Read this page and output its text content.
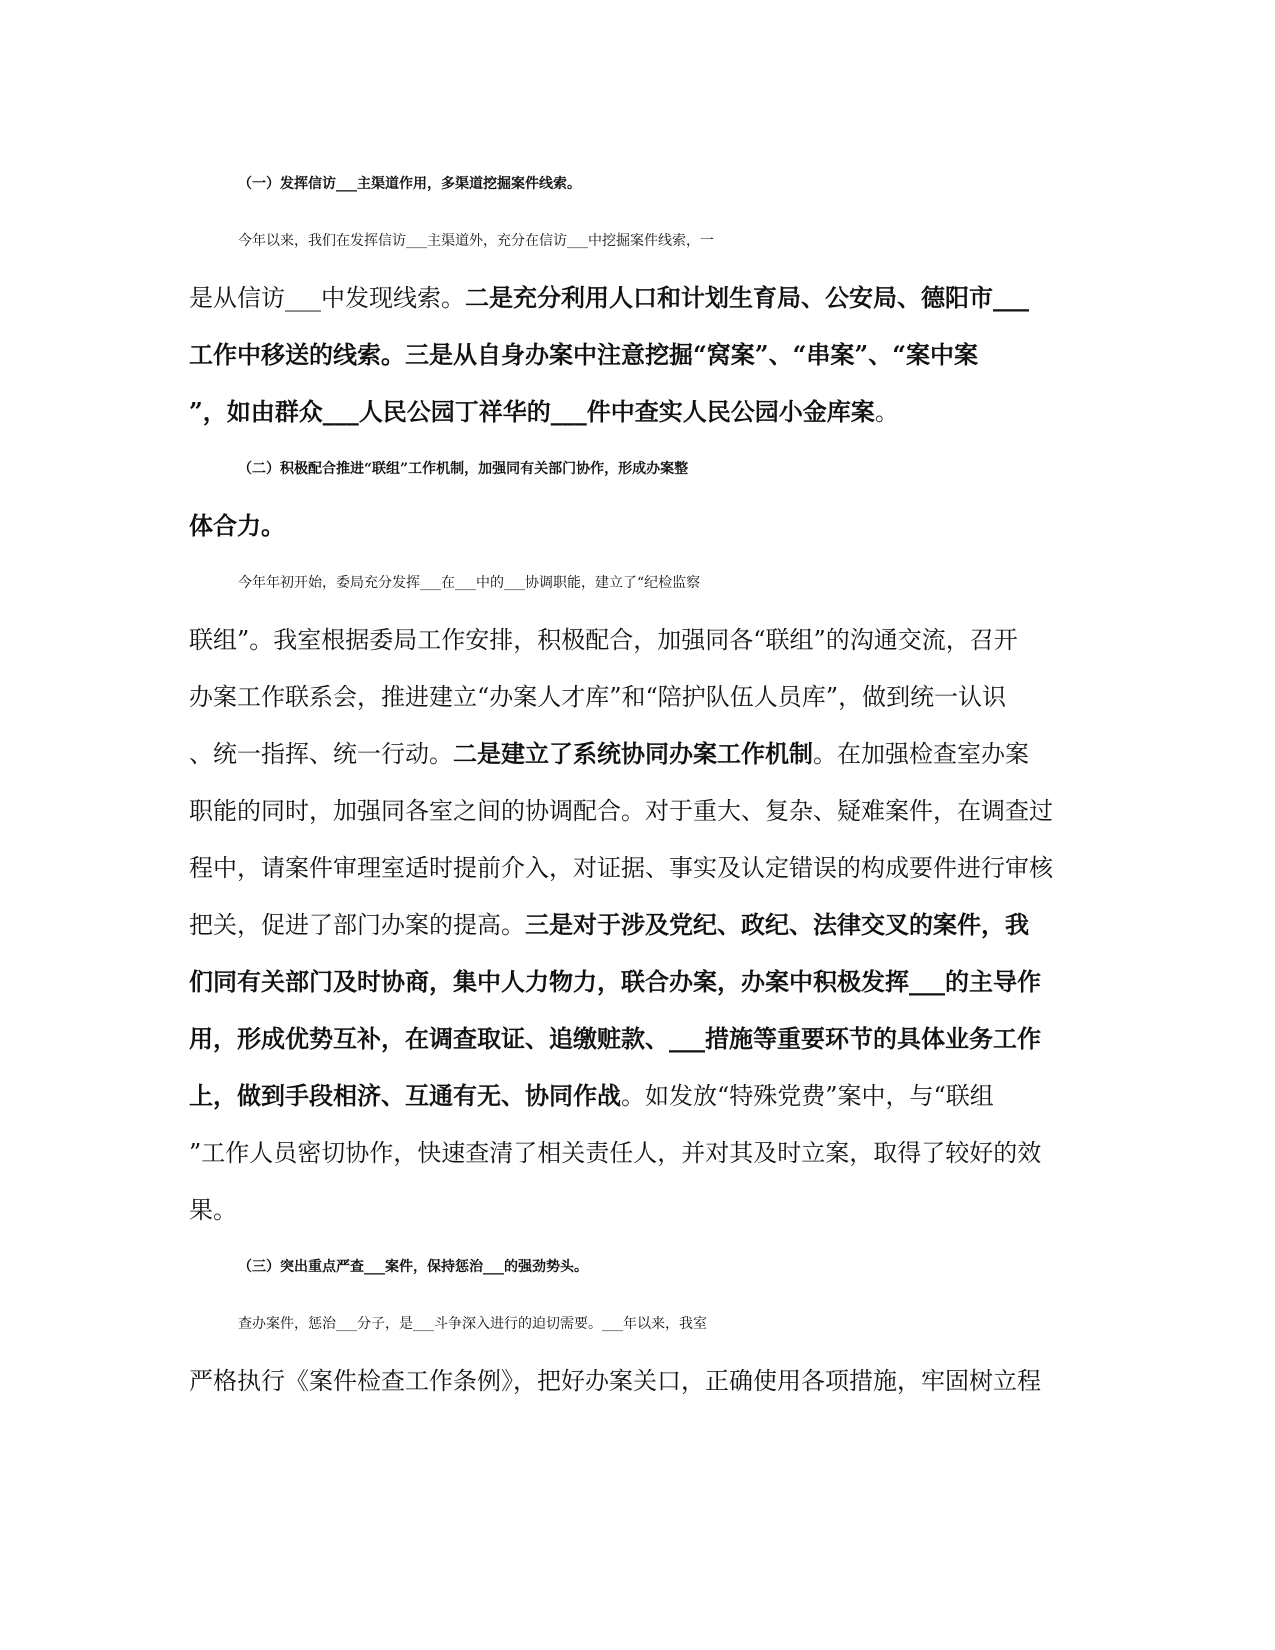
（一）发挥信访___主渠道作用，多渠道挖掘案件线索。
今年以来，我们在发挥信访___主渠道外，充分在信访___中挖掘案件线索，一
是从信访___中发现线索。二是充分利用人口和计划生育局、公安局、德阳市___
工作中移送的线索。三是从自身办案中注意挖掘“窝案”、“串案”、“案中案
”，如由群众___人民公园丁祥华的___件中查实人民公园小金库案。
（二）积极配合推进“联组”工作机制，加强同有关部门协作，形成办案整
体合力。
今年年初开始，委局充分发挥___在___中的___协调职能，建立了“纪检监察
联组”。我室根据委局工作安排，积极配合，加强同各“联组”的沟通交流，召开
办案工作联系会，推进建立“办案人才库”和“陪护队伍人员库”，做到统一认识
、统一指挥、统一行动。二是建立了系统协同办案工作机制。在加强检查室办案
职能的同时，加强同各室之间的协调配合。对于重大、复杂、疑难案件，在调查过
程中，请案件审理室适时提前介入，对证据、事实及认定错误的构成要件进行审核
把关，促进了部门办案的提高。三是对于涉及党纪、政纪、法律交叉的案件，我
们同有关部门及时协商，集中人力物力，联合办案，办案中积极发挥___的主导作
用，形成优势互补，在调查取证、追缴赃款、___措施等重要环节的具体业务工作
上，做到手段相济、互通有无、协同作战。如发放“特殊党费”案中，与“联组
”工作人员密切协作，快速查清了相关责任人，并对其及时立案，取得了较好的效
果。
（三）突出重点严查___案件，保持惩治___的强劲势头。
查办案件，惩治___分子，是___斗争深入进行的迫切需要。___年以来，我室
严格执行《案件检查工作条例》，把好办案关口，正确使用各项措施，牢固树立程
